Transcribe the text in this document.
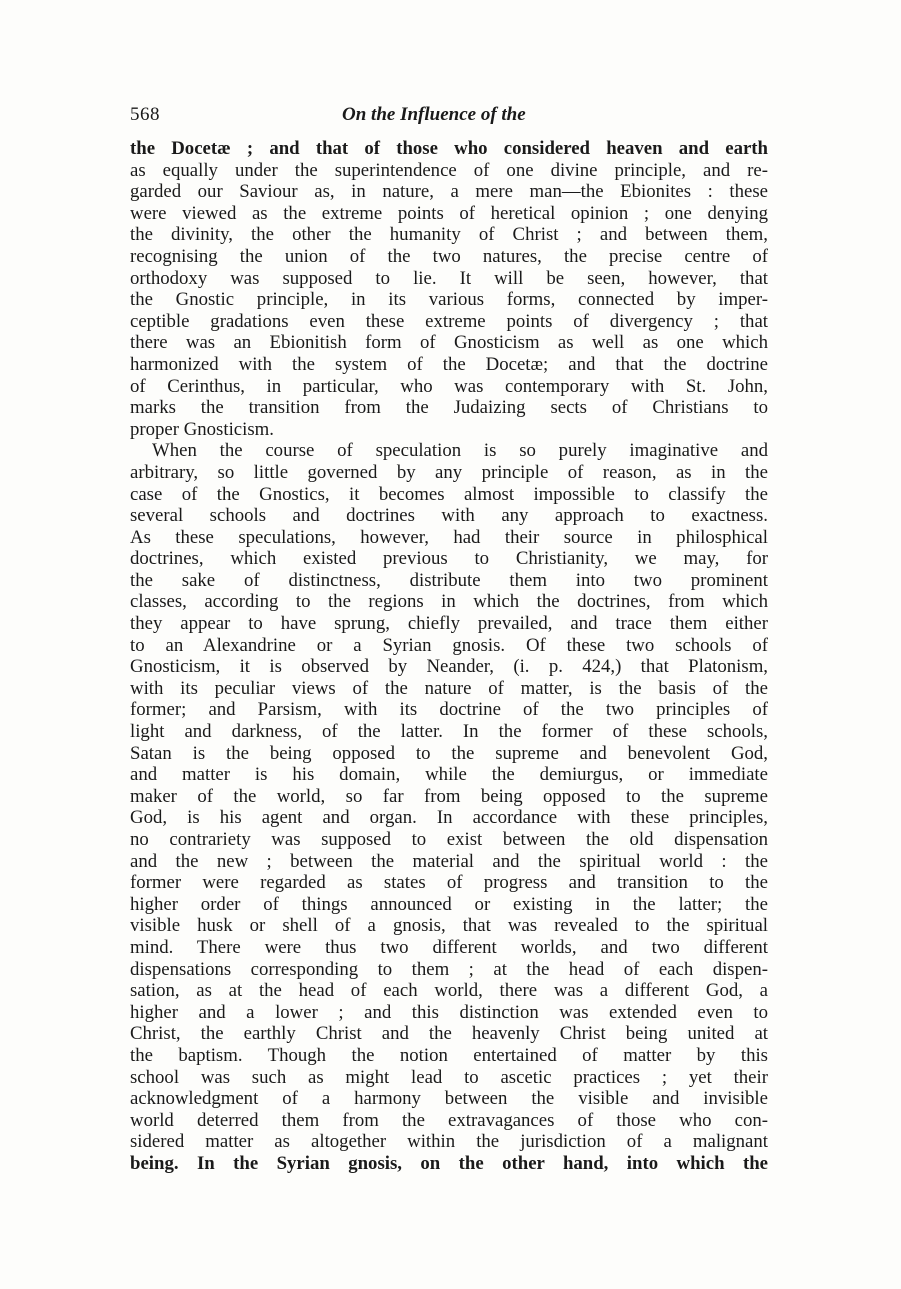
568	On the Influence of the
the Docetæ ; and that of those who considered heaven and earth
as equally under the superintendence of one divine principle, and re-
garded our Saviour as, in nature, a mere man—the Ebionites : these
were viewed as the extreme points of heretical opinion ; one denying
the divinity, the other the humanity of Christ ; and between them,
recognising the union of the two natures, the precise centre of
orthodoxy was supposed to lie. It will be seen, however, that
the Gnostic principle, in its various forms, connected by imper-
ceptible gradations even these extreme points of divergency ; that
there was an Ebionitish form of Gnosticism as well as one which
harmonized with the system of the Docetæ; and that the doctrine
of Cerinthus, in particular, who was contemporary with St. John,
marks the transition from the Judaizing sects of Christians to
proper Gnosticism.
When the course of speculation is so purely imaginative and
arbitrary, so little governed by any principle of reason, as in the
case of the Gnostics, it becomes almost impossible to classify the
several schools and doctrines with any approach to exactness.
As these speculations, however, had their source in philosphical
doctrines, which existed previous to Christianity, we may, for
the sake of distinctness, distribute them into two prominent
classes, according to the regions in which the doctrines, from which
they appear to have sprung, chiefly prevailed, and trace them either
to an Alexandrine or a Syrian gnosis. Of these two schools of
Gnosticism, it is observed by Neander, (i. p. 424,) that Platonism,
with its peculiar views of the nature of matter, is the basis of the
former; and Parsism, with its doctrine of the two principles of
light and darkness, of the latter. In the former of these schools,
Satan is the being opposed to the supreme and benevolent God,
and matter is his domain, while the demiurgus, or immediate
maker of the world, so far from being opposed to the supreme
God, is his agent and organ. In accordance with these principles,
no contrariety was supposed to exist between the old dispensation
and the new ; between the material and the spiritual world : the
former were regarded as states of progress and transition to the
higher order of things announced or existing in the latter; the
visible husk or shell of a gnosis, that was revealed to the spiritual
mind. There were thus two different worlds, and two different
dispensations corresponding to them ; at the head of each dispen-
sation, as at the head of each world, there was a different God, a
higher and a lower ; and this distinction was extended even to
Christ, the earthly Christ and the heavenly Christ being united at
the baptism. Though the notion entertained of matter by this
school was such as might lead to ascetic practices ; yet their
acknowledgment of a harmony between the visible and invisible
world deterred them from the extravagances of those who con-
sidered matter as altogether within the jurisdiction of a malignant
being. In the Syrian gnosis, on the other hand, into which the
